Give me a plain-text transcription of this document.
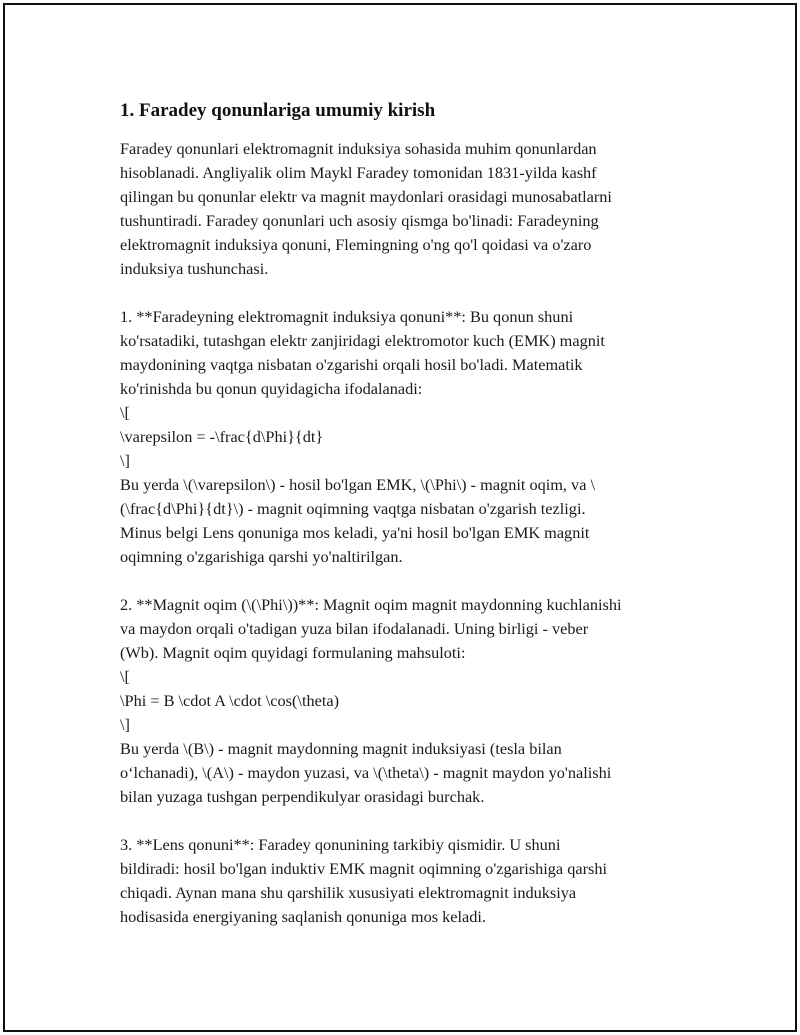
1. Faradey qonunlariga umumiy kirish

Faradey qonunlari elektromagnit induksiya sohasida muhim qonunlardan
hisoblanadi. Angliyalik olim Maykl Faradey tomonidan 1831-yilda kashf
qilingan bu qonunlar elektr va magnit maydonlari orasidagi munosabatlarni
tushuntiradi. Faradey qonunlari uch asosiy qismga bo'linadi: Faradeyning
elektromagnit induksiya qonuni, Flemingning o'ng qo'l qoidasi va o'zaro
induksiya tushunchasi.

1. **Faradeyning elektromagnit induksiya qonuni**: Bu qonun shuni
ko'rsatadiki, tutashgan elektr zanjiridagi elektromotor kuch (EMK) magnit
maydonining vaqtga nisbatan o'zgarishi orqali hosil bo'ladi. Matematik
ko'rinishda bu qonun quyidagicha ifodalanadi:
\[
\varepsilon = -\frac{d\Phi}{dt}
\]
Bu yerda \(\varepsilon\) - hosil bo'lgan EMK, \(\Phi\) - magnit oqim, va \
(\frac{d\Phi}{dt}\) - magnit oqimning vaqtga nisbatan o'zgarish tezligi.
Minus belgi Lens qonuniga mos keladi, ya'ni hosil bo'lgan EMK magnit
oqimning o'zgarishiga qarshi yo'naltirilgan.

2. **Magnit oqim (\(\Phi\))**: Magnit oqim magnit maydonning kuchlanishi
va maydon orqali o'tadigan yuza bilan ifodalanadi. Uning birligi - veber
(Wb). Magnit oqim quyidagi formulaning mahsuloti:
\[
\Phi = B \cdot A \cdot \cos(\theta)
\]
Bu yerda \(B\) - magnit maydonning magnit induksiyasi (tesla bilan
o‘lchanadi), \(A\) - maydon yuzasi, va \(\theta\) - magnit maydon yo'nalishi
bilan yuzaga tushgan perpendikulyar orasidagi burchak.

3. **Lens qonuni**: Faradey qonunining tarkibiy qismidir. U shuni
bildiradi: hosil bo'lgan induktiv EMK magnit oqimning o'zgarishiga qarshi
chiqadi. Aynan mana shu qarshilik xususiyati elektromagnit induksiya
hodisasida energiyaning saqlanish qonuniga mos keladi.
